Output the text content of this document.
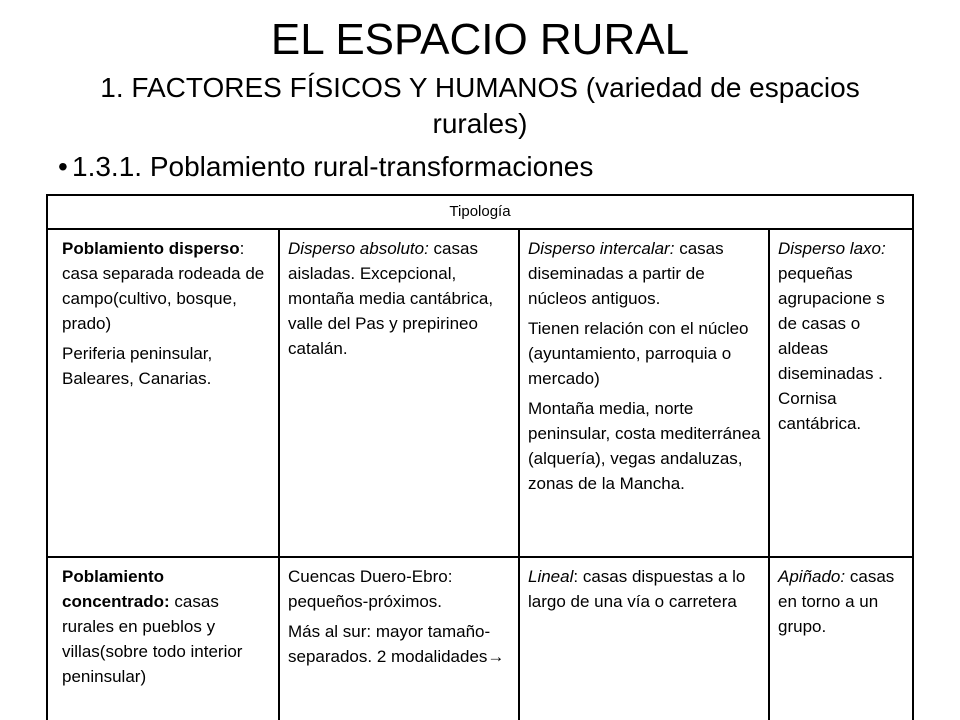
EL ESPACIO RURAL
1. FACTORES FÍSICOS Y HUMANOS (variedad de espacios rurales)
• 1.3.1. Poblamiento rural-transformaciones
Tipología

Poblamiento disperso: casa separada rodeada de campo(cultivo, bosque, prado)

Periferia peninsular, Baleares, Canarias.

Disperso absoluto: casas aisladas. Excepcional, montaña media cantábrica, valle del Pas y prepirineo catalán.

Disperso intercalar: casas diseminadas a partir de núcleos antiguos.

Tienen relación con el núcleo (ayuntamiento, parroquia o mercado)

Montaña media, norte peninsular, costa mediterránea (alquería), vegas andaluzas, zonas de la Mancha.

Disperso laxo: pequeñas agrupacione s de casas o aldeas diseminadas . Cornisa cantábrica.

Poblamiento concentrado: casas rurales en pueblos y villas(sobre todo interior peninsular)

Cuencas Duero-Ebro: pequeños-próximos.

Más al sur: mayor tamaño-separados. 2 modalidades→

Lineal: casas dispuestas a lo largo de una vía o carretera

Apiñado: casas en torno a un grupo.
